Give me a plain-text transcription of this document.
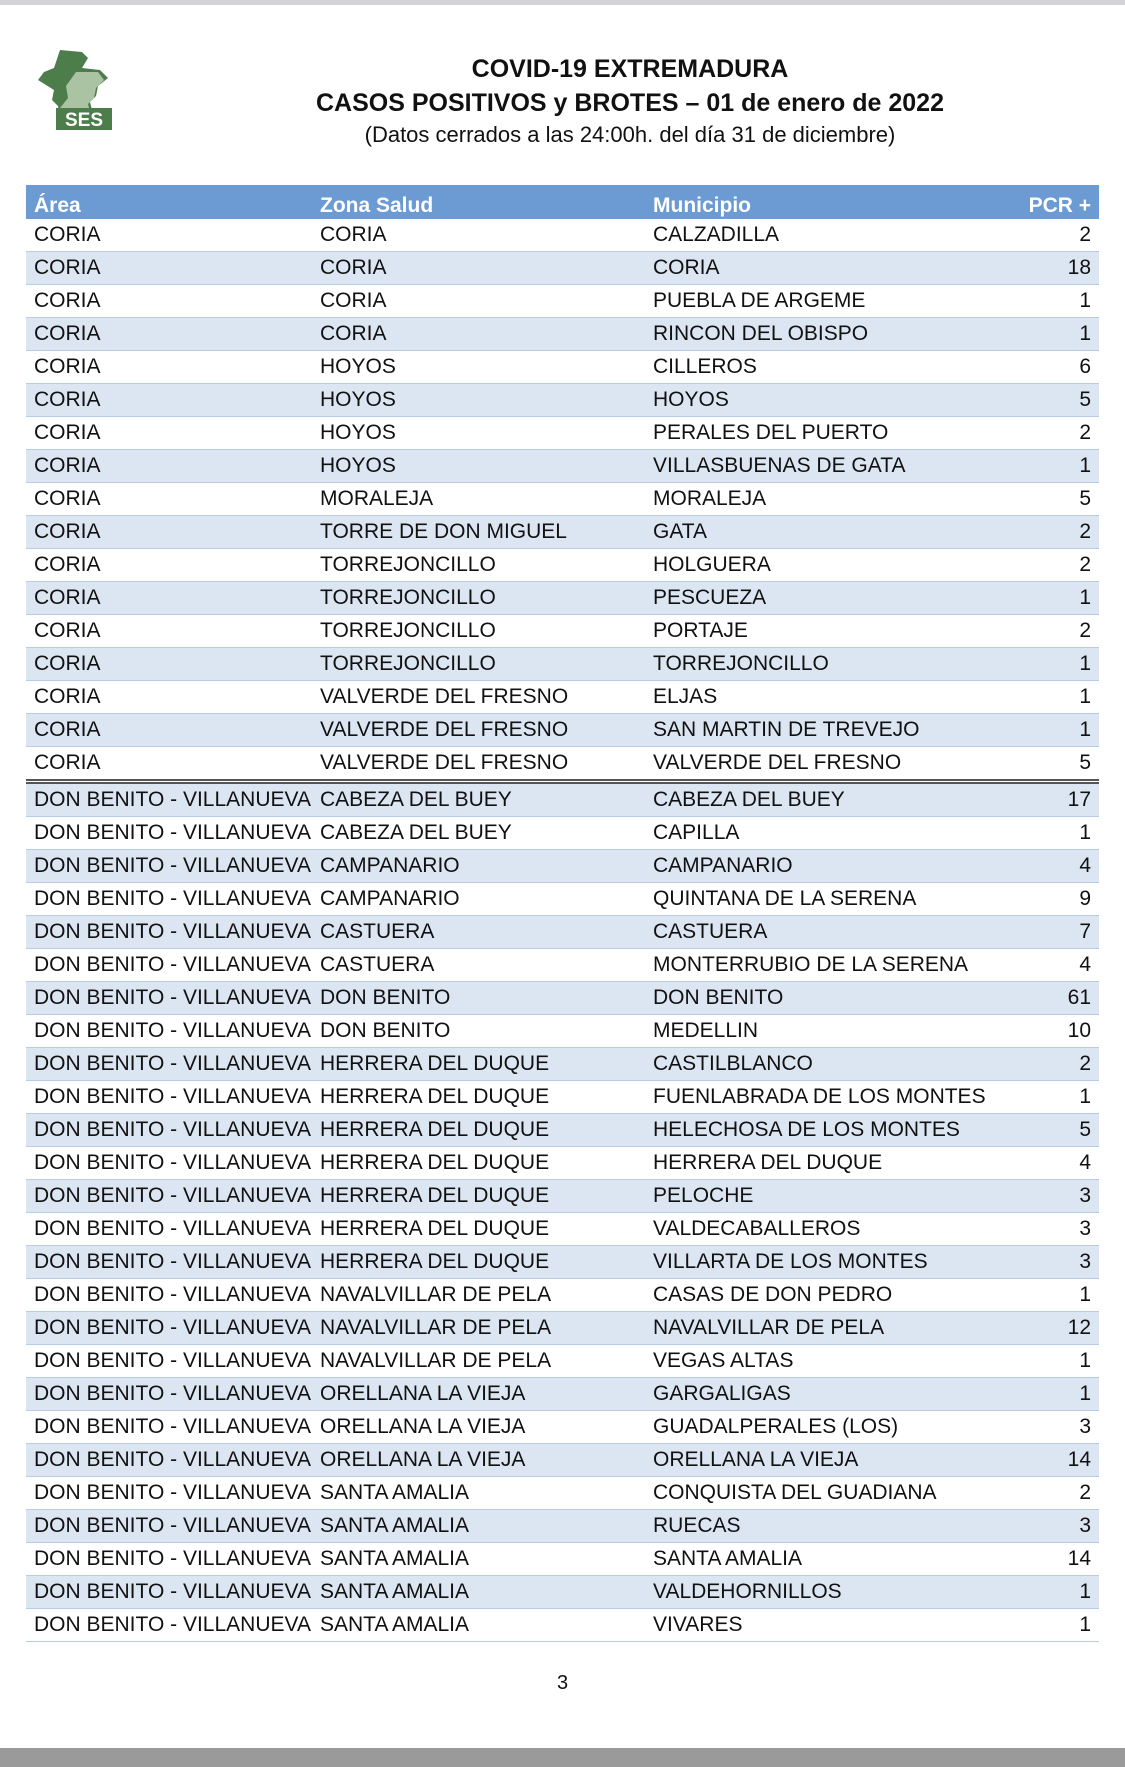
SES
COVID-19 EXTREMADURA
CASOS POSITIVOS y BROTES – 01 de enero de 2022
(Datos cerrados a las 24:00h. del día 31 de diciembre)
Área	Zona Salud	Municipio	PCR +
CORIA	CORIA	CALZADILLA	2
CORIA	CORIA	CORIA	18
CORIA	CORIA	PUEBLA DE ARGEME	1
CORIA	CORIA	RINCON DEL OBISPO	1
CORIA	HOYOS	CILLEROS	6
CORIA	HOYOS	HOYOS	5
CORIA	HOYOS	PERALES DEL PUERTO	2
CORIA	HOYOS	VILLASBUENAS DE GATA	1
CORIA	MORALEJA	MORALEJA	5
CORIA	TORRE DE DON MIGUEL	GATA	2
CORIA	TORREJONCILLO	HOLGUERA	2
CORIA	TORREJONCILLO	PESCUEZA	1
CORIA	TORREJONCILLO	PORTAJE	2
CORIA	TORREJONCILLO	TORREJONCILLO	1
CORIA	VALVERDE DEL FRESNO	ELJAS	1
CORIA	VALVERDE DEL FRESNO	SAN MARTIN DE TREVEJO	1
CORIA	VALVERDE DEL FRESNO	VALVERDE DEL FRESNO	5
DON BENITO - VILLANUEVA	CABEZA DEL BUEY	CABEZA DEL BUEY	17
DON BENITO - VILLANUEVA	CABEZA DEL BUEY	CAPILLA	1
DON BENITO - VILLANUEVA	CAMPANARIO	CAMPANARIO	4
DON BENITO - VILLANUEVA	CAMPANARIO	QUINTANA DE LA SERENA	9
DON BENITO - VILLANUEVA	CASTUERA	CASTUERA	7
DON BENITO - VILLANUEVA	CASTUERA	MONTERRUBIO DE LA SERENA	4
DON BENITO - VILLANUEVA	DON BENITO	DON BENITO	61
DON BENITO - VILLANUEVA	DON BENITO	MEDELLIN	10
DON BENITO - VILLANUEVA	HERRERA DEL DUQUE	CASTILBLANCO	2
DON BENITO - VILLANUEVA	HERRERA DEL DUQUE	FUENLABRADA DE LOS MONTES	1
DON BENITO - VILLANUEVA	HERRERA DEL DUQUE	HELECHOSA DE LOS MONTES	5
DON BENITO - VILLANUEVA	HERRERA DEL DUQUE	HERRERA DEL DUQUE	4
DON BENITO - VILLANUEVA	HERRERA DEL DUQUE	PELOCHE	3
DON BENITO - VILLANUEVA	HERRERA DEL DUQUE	VALDECABALLEROS	3
DON BENITO - VILLANUEVA	HERRERA DEL DUQUE	VILLARTA DE LOS MONTES	3
DON BENITO - VILLANUEVA	NAVALVILLAR DE PELA	CASAS DE DON PEDRO	1
DON BENITO - VILLANUEVA	NAVALVILLAR DE PELA	NAVALVILLAR DE PELA	12
DON BENITO - VILLANUEVA	NAVALVILLAR DE PELA	VEGAS ALTAS	1
DON BENITO - VILLANUEVA	ORELLANA LA VIEJA	GARGALIGAS	1
DON BENITO - VILLANUEVA	ORELLANA LA VIEJA	GUADALPERALES (LOS)	3
DON BENITO - VILLANUEVA	ORELLANA LA VIEJA	ORELLANA LA VIEJA	14
DON BENITO - VILLANUEVA	SANTA AMALIA	CONQUISTA DEL GUADIANA	2
DON BENITO - VILLANUEVA	SANTA AMALIA	RUECAS	3
DON BENITO - VILLANUEVA	SANTA AMALIA	SANTA AMALIA	14
DON BENITO - VILLANUEVA	SANTA AMALIA	VALDEHORNILLOS	1
DON BENITO - VILLANUEVA	SANTA AMALIA	VIVARES	1
3
